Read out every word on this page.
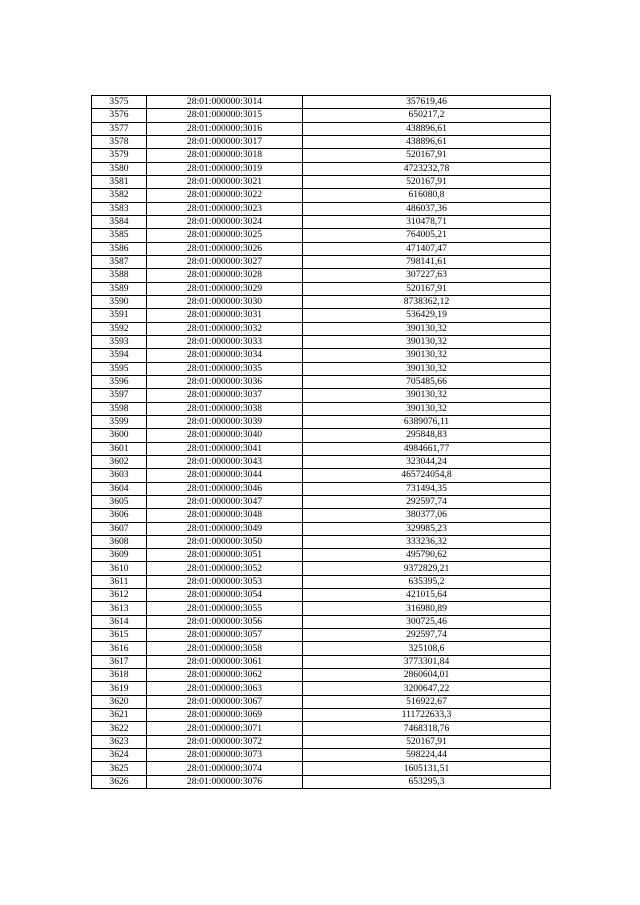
3575	28:01:000000:3014	357619,46
3576	28:01:000000:3015	650217,2
3577	28:01:000000:3016	438896,61
3578	28:01:000000:3017	438896,61
3579	28:01:000000:3018	520167,91
3580	28:01:000000:3019	4723232,78
3581	28:01:000000:3021	520167,91
3582	28:01:000000:3022	616080,8
3583	28:01:000000:3023	486037,36
3584	28:01:000000:3024	310478,71
3585	28:01:000000:3025	764005,21
3586	28:01:000000:3026	471407,47
3587	28:01:000000:3027	798141,61
3588	28:01:000000:3028	307227,63
3589	28:01:000000:3029	520167,91
3590	28:01:000000:3030	8738362,12
3591	28:01:000000:3031	536429,19
3592	28:01:000000:3032	390130,32
3593	28:01:000000:3033	390130,32
3594	28:01:000000:3034	390130,32
3595	28:01:000000:3035	390130,32
3596	28:01:000000:3036	705485,66
3597	28:01:000000:3037	390130,32
3598	28:01:000000:3038	390130,32
3599	28:01:000000:3039	6389076,11
3600	28:01:000000:3040	295848,83
3601	28:01:000000:3041	4984661,77
3602	28:01:000000:3043	323044,24
3603	28:01:000000:3044	465724054,8
3604	28:01:000000:3046	731494,35
3605	28:01:000000:3047	292597,74
3606	28:01:000000:3048	380377,06
3607	28:01:000000:3049	329985,23
3608	28:01:000000:3050	333236,32
3609	28:01:000000:3051	495790,62
3610	28:01:000000:3052	9372829,21
3611	28:01:000000:3053	635395,2
3612	28:01:000000:3054	421015,64
3613	28:01:000000:3055	316980,89
3614	28:01:000000:3056	300725,46
3615	28:01:000000:3057	292597,74
3616	28:01:000000:3058	325108,6
3617	28:01:000000:3061	3773301,84
3618	28:01:000000:3062	2860604,01
3619	28:01:000000:3063	3200647,22
3620	28:01:000000:3067	516922,67
3621	28:01:000000:3069	111722633,3
3622	28:01:000000:3071	7468318,76
3623	28:01:000000:3072	520167,91
3624	28:01:000000:3073	598224,44
3625	28:01:000000:3074	1605131,51
3626	28:01:000000:3076	653295,3
